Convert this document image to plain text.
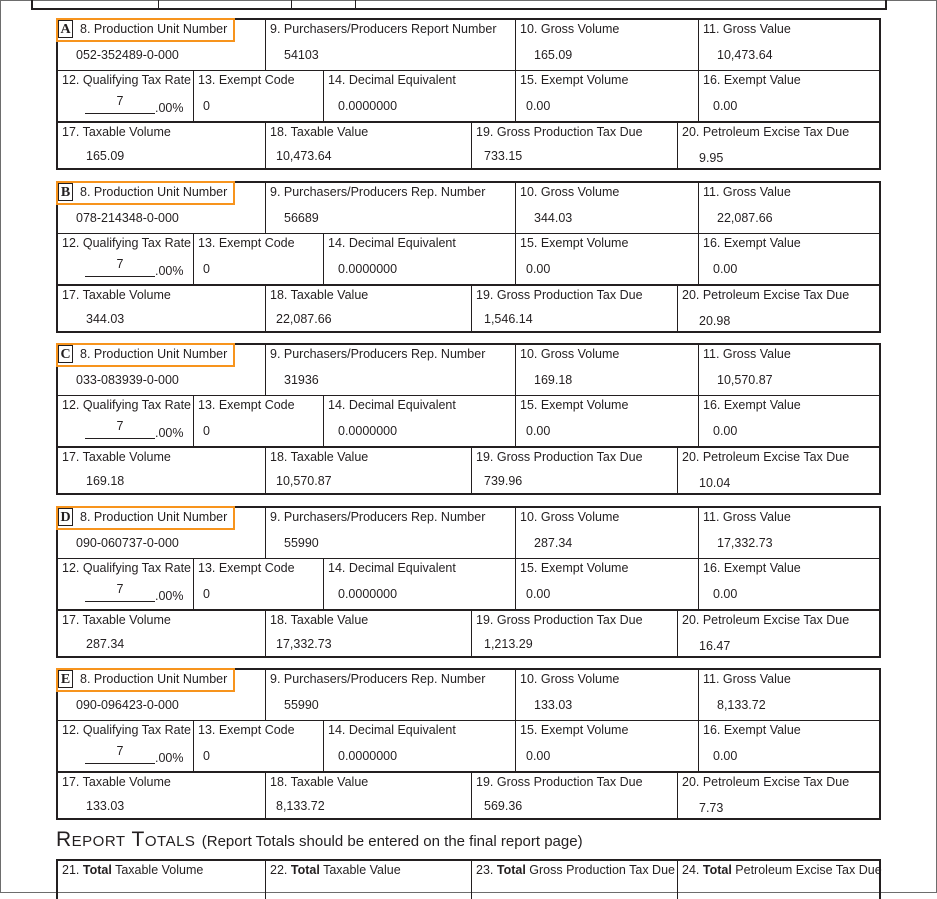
A 8. Production Unit Number
052-352489-0-000
9. Purchasers/Producers Report Number
54103
10. Gross Volume
165.09
11. Gross Value
10,473.64
12. Qualifying Tax Rate
7	.00%
13. Exempt Code
0
14. Decimal Equivalent
0.0000000
15. Exempt Volume
0.00
16. Exempt Value
0.00
17. Taxable Volume
165.09
18. Taxable Value
10,473.64
19. Gross Production Tax Due
733.15
20. Petroleum Excise Tax Due
9.95
B 8. Production Unit Number
078-214348-0-000
9. Purchasers/Producers Rep. Number
56689
10. Gross Volume
344.03
11. Gross Value
22,087.66
12. Qualifying Tax Rate
7	.00%
13. Exempt Code
0
14. Decimal Equivalent
0.0000000
15. Exempt Volume
0.00
16. Exempt Value
0.00
17. Taxable Volume
344.03
18. Taxable Value
22,087.66
19. Gross Production Tax Due
1,546.14
20. Petroleum Excise Tax Due
20.98
C 8. Production Unit Number
033-083939-0-000
9. Purchasers/Producers Rep. Number
31936
10. Gross Volume
169.18
11. Gross Value
10,570.87
12. Qualifying Tax Rate
7	.00%
13. Exempt Code
0
14. Decimal Equivalent
0.0000000
15. Exempt Volume
0.00
16. Exempt Value
0.00
17. Taxable Volume
169.18
18. Taxable Value
10,570.87
19. Gross Production Tax Due
739.96
20. Petroleum Excise Tax Due
10.04
D 8. Production Unit Number
090-060737-0-000
9. Purchasers/Producers Rep. Number
55990
10. Gross Volume
287.34
11. Gross Value
17,332.73
12. Qualifying Tax Rate
7	.00%
13. Exempt Code
0
14. Decimal Equivalent
0.0000000
15. Exempt Volume
0.00
16. Exempt Value
0.00
17. Taxable Volume
287.34
18. Taxable Value
17,332.73
19. Gross Production Tax Due
1,213.29
20. Petroleum Excise Tax Due
16.47
E 8. Production Unit Number
090-096423-0-000
9. Purchasers/Producers Rep. Number
55990
10. Gross Volume
133.03
11. Gross Value
8,133.72
12. Qualifying Tax Rate
7	.00%
13. Exempt Code
0
14. Decimal Equivalent
0.0000000
15. Exempt Volume
0.00
16. Exempt Value
0.00
17. Taxable Volume
133.03
18. Taxable Value
8,133.72
19. Gross Production Tax Due
569.36
20. Petroleum Excise Tax Due
7.73
Report Totals (Report Totals should be entered on the final report page)
21. Total Taxable Volume	22. Total Taxable Value	23. Total Gross Production Tax Due 24. Total Petroleum Excise Tax Due
